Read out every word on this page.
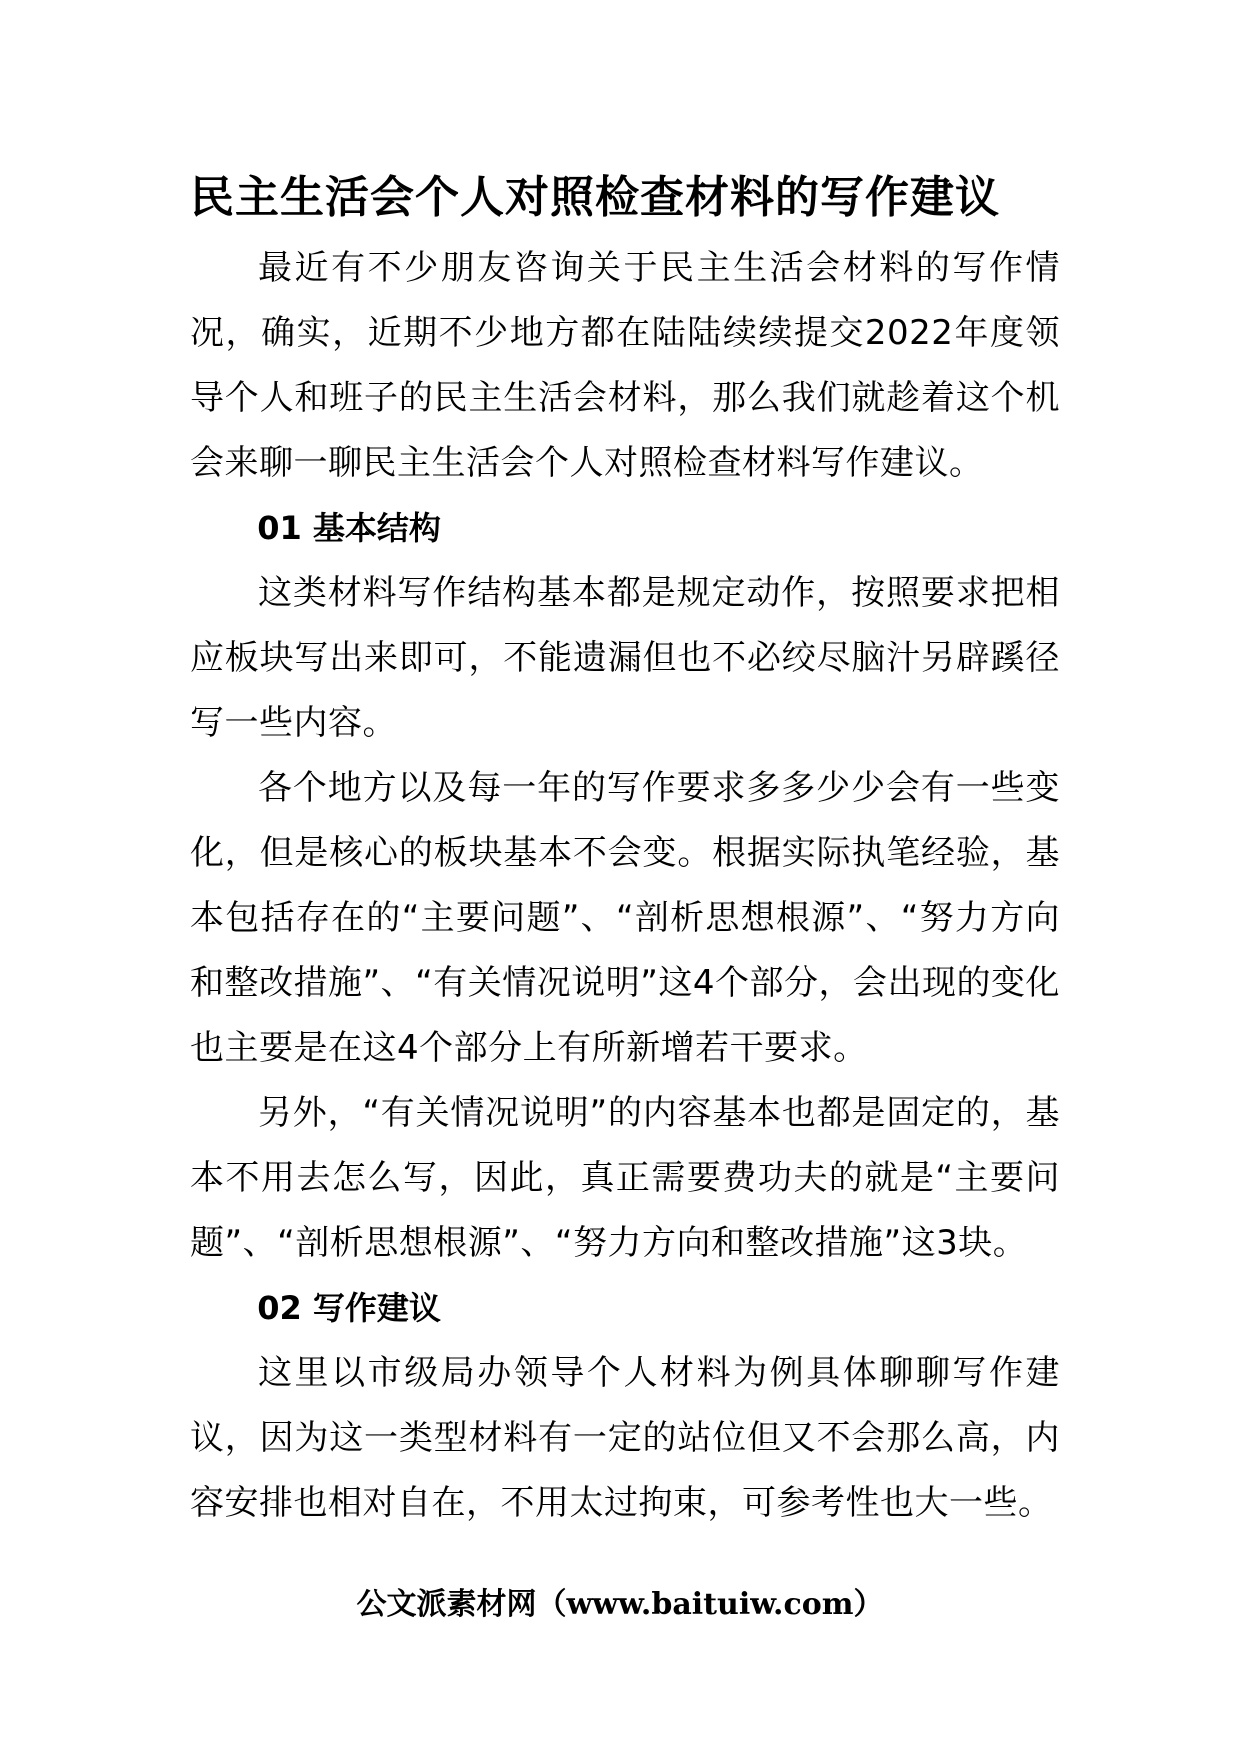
民主生活会个人对照检查材料的写作建议

最近有不少朋友咨询关于民主生活会材料的写作情况，确实，近期不少地方都在陆陆续续提交2022年度领导个人和班子的民主生活会材料，那么我们就趁着这个机会来聊一聊民主生活会个人对照检查材料写作建议。

01 基本结构

这类材料写作结构基本都是规定动作，按照要求把相应板块写出来即可，不能遗漏但也不必绞尽脑汁另辟蹊径写一些内容。

各个地方以及每一年的写作要求多多少少会有一些变化，但是核心的板块基本不会变。根据实际执笔经验，基本包括存在的“主要问题”、“剖析思想根源”、“努力方向和整改措施”、“有关情况说明”这4个部分，会出现的变化也主要是在这4个部分上有所新增若干要求。

另外，“有关情况说明”的内容基本也都是固定的，基本不用去怎么写，因此，真正需要费功夫的就是“主要问题”、“剖析思想根源”、“努力方向和整改措施”这3块。

02 写作建议

这里以市级局办领导个人材料为例具体聊聊写作建议，因为这一类型材料有一定的站位但又不会那么高，内容安排也相对自在，不用太过拘束，可参考性也大一些。

公文派素材网（www.baituiw.com）
